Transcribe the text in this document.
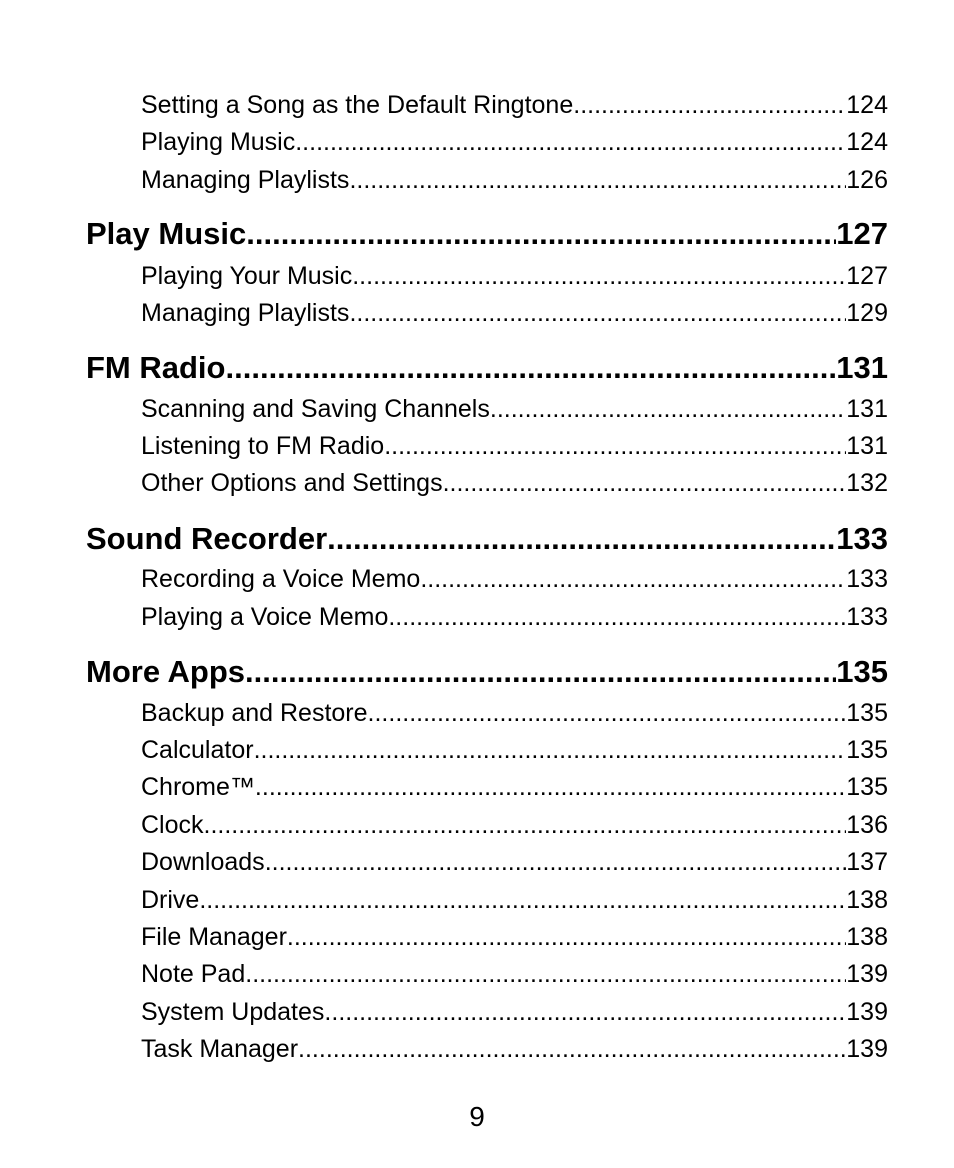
Setting a Song as the Default Ringtone .....	124
Playing Music .....	124
Managing Playlists .....	126
Play Music .....	127
Playing Your Music .....	127
Managing Playlists .....	129
FM Radio .....	131
Scanning and Saving Channels .....	131
Listening to FM Radio .....	131
Other Options and Settings .....	132
Sound Recorder .....	133
Recording a Voice Memo .....	133
Playing a Voice Memo .....	133
More Apps .....	135
Backup and Restore .....	135
Calculator .....	135
Chrome™ .....	135
Clock .....	136
Downloads .....	137
Drive .....	138
File Manager .....	138
Note Pad .....	139
System Updates .....	139
Task Manager .....	139
9
